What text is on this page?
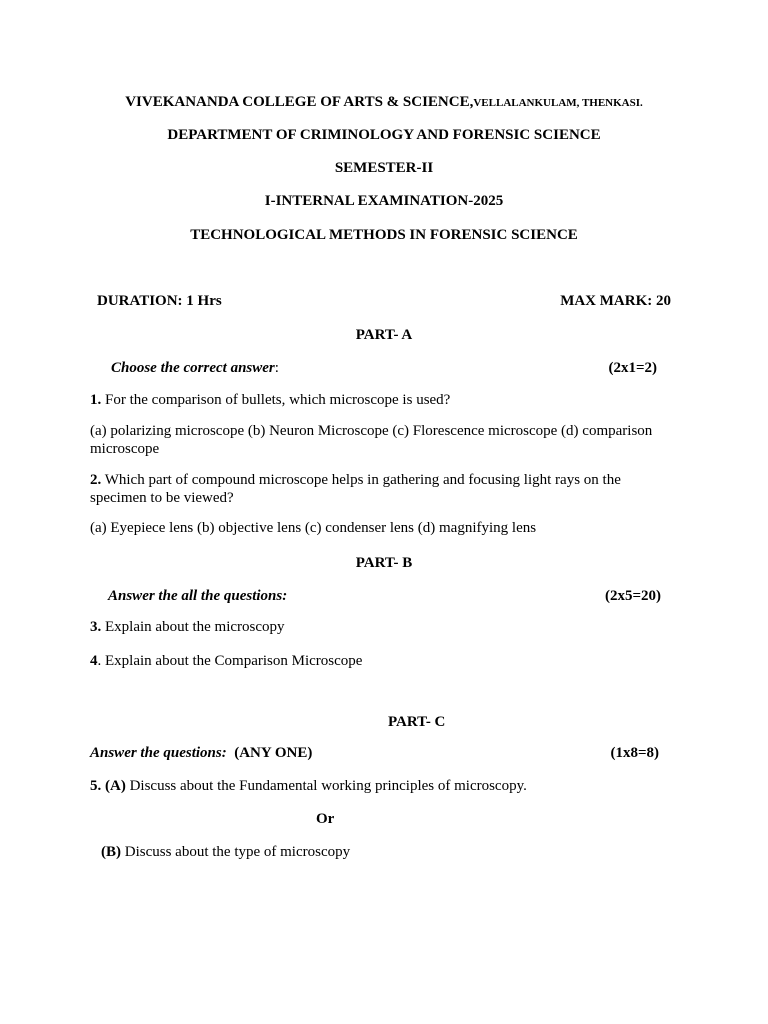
VIVEKANANDA COLLEGE OF ARTS & SCIENCE,VELLALANKULAM, THENKASI.
DEPARTMENT OF CRIMINOLOGY AND FORENSIC SCIENCE
SEMESTER-II
I-INTERNAL EXAMINATION-2025
TECHNOLOGICAL METHODS IN FORENSIC SCIENCE
DURATION: 1 Hrs	MAX MARK: 20
PART- A
Choose the correct answer:	(2x1=2)
1. For the comparison of bullets, which microscope is used?
(a) polarizing microscope (b) Neuron Microscope (c) Florescence microscope (d) comparison microscope
2. Which part of compound microscope helps in gathering and focusing light rays on the specimen to be viewed?
(a) Eyepiece lens (b) objective lens (c) condenser lens (d) magnifying lens
PART- B
Answer the all the questions:	(2x5=20)
3. Explain about the microscopy
4. Explain about the Comparison Microscope
PART- C
Answer the questions: (ANY ONE)	(1x8=8)
5. (A) Discuss about the Fundamental working principles of microscopy.
Or
(B) Discuss about the type of microscopy
